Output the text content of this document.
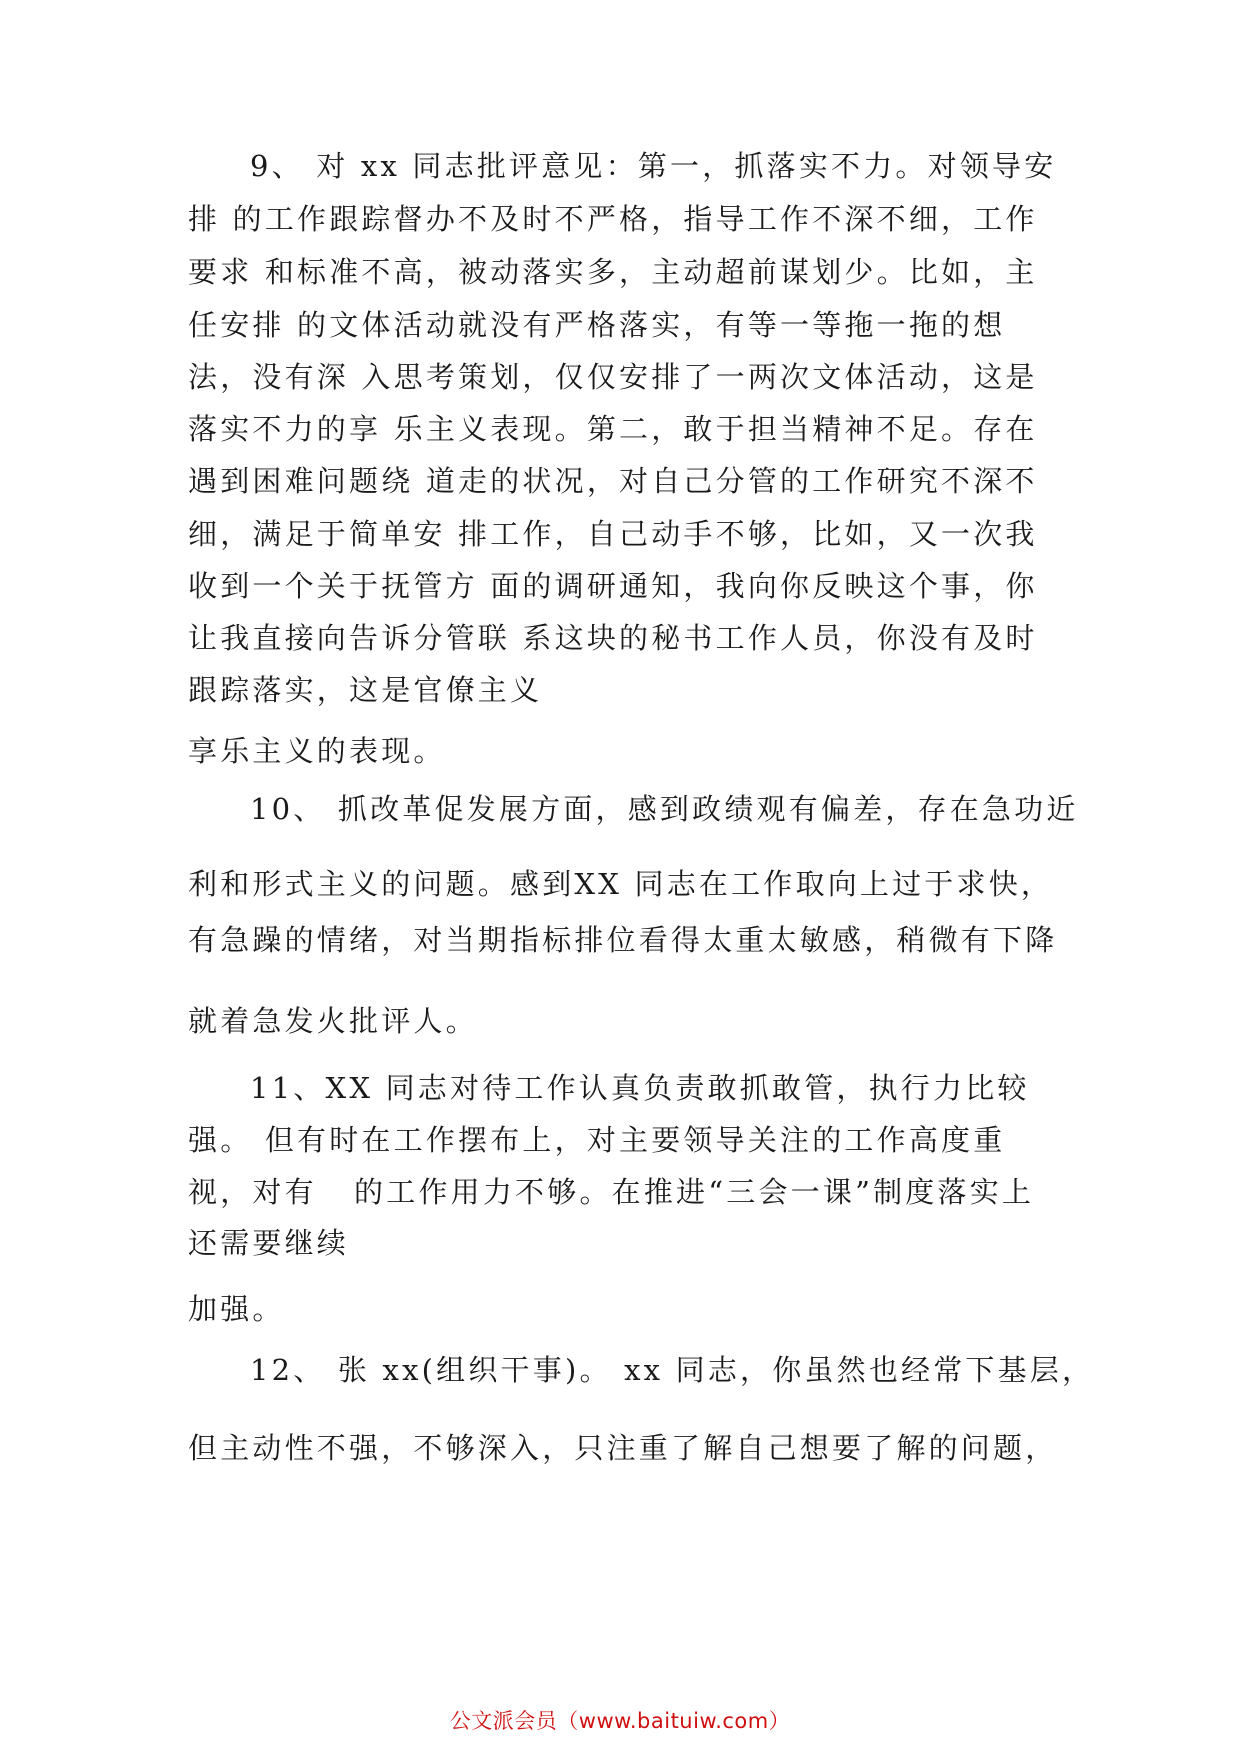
9、 对 xx 同志批评意见：第一，抓落实不力。对领导安
排 的工作跟踪督办不及时不严格，指导工作不深不细，工作
要求 和标准不高，被动落实多，主动超前谋划少。比如，主
任安排 的文体活动就没有严格落实，有等一等拖一拖的想
法，没有深 入思考策划，仅仅安排了一两次文体活动，这是
落实不力的享 乐主义表现。第二，敢于担当精神不足。存在
遇到困难问题绕 道走的状况，对自己分管的工作研究不深不
细，满足于简单安 排工作，自己动手不够，比如，又一次我
收到一个关于抚管方 面的调研通知，我向你反映这个事，你
让我直接向告诉分管联 系这块的秘书工作人员，你没有及时
跟踪落实，这是官僚主义
享乐主义的表现。
10、 抓改革促发展方面，感到政绩观有偏差，存在急功近
利和形式主义的问题。感到XX 同志在工作取向上过于求快，
有急躁的情绪，对当期指标排位看得太重太敏感，稍微有下降
就着急发火批评人。
11、XX 同志对待工作认真负责敢抓敢管，执行力比较
强。 但有时在工作摆布上，对主要领导关注的工作高度重
视，对有   的工作用力不够。在推进“三会一课”制度落实上
还需要继续
加强。
12、 张 xx(组织干事)。 xx 同志，你虽然也经常下基层，
但主动性不强，不够深入，只注重了解自己想要了解的问题，
公文派会员（www.baituiw.com）
